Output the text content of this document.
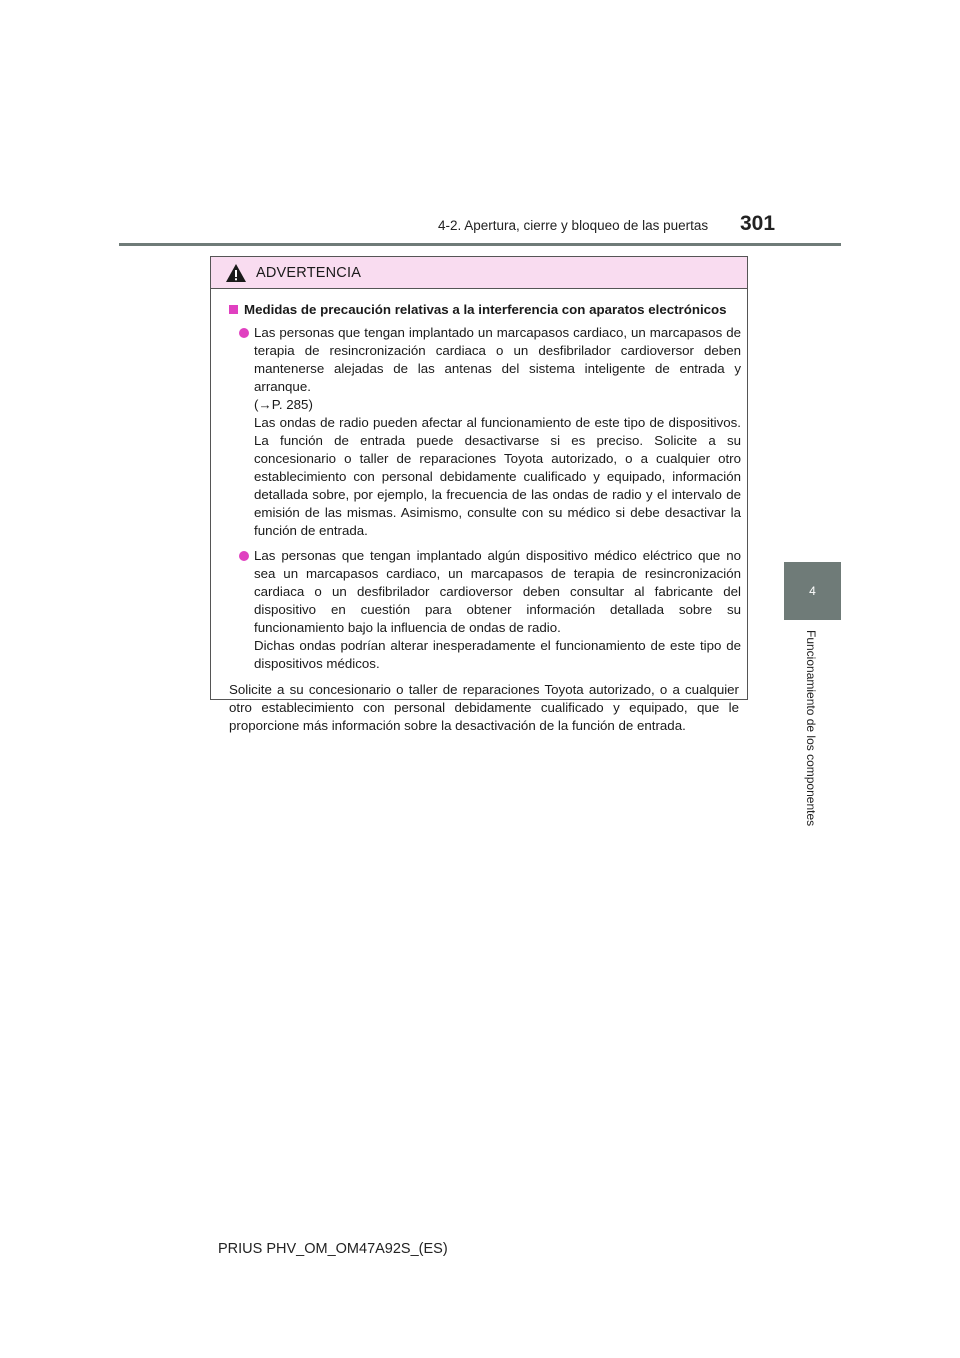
4-2. Apertura, cierre y bloqueo de las puertas 301
4
Funcionamiento de los componentes
ADVERTENCIA
Medidas de precaución relativas a la interferencia con aparatos electrónicos

Las personas que tengan implantado un marcapasos cardiaco, un marcapasos de terapia de resincronización cardiaca o un desfibrilador cardioversor deben mantenerse alejadas de las antenas del sistema inteligente de entrada y arranque.

(→P. 285)

Las ondas de radio pueden afectar al funcionamiento de este tipo de dispositivos. La función de entrada puede desactivarse si es preciso. Solicite a su concesionario o taller de reparaciones Toyota autorizado, o a cualquier otro establecimiento con personal debidamente cualificado y equipado, información detallada sobre, por ejemplo, la frecuencia de las ondas de radio y el intervalo de emisión de las mismas. Asimismo, consulte con su médico si debe desactivar la función de entrada.

Las personas que tengan implantado algún dispositivo médico eléctrico que no sea un marcapasos cardiaco, un marcapasos de terapia de resincronización cardiaca o un desfibrilador cardioversor deben consultar al fabricante del dispositivo en cuestión para obtener información detallada sobre su funcionamiento bajo la influencia de ondas de radio.

Dichas ondas podrían alterar inesperadamente el funcionamiento de este tipo de dispositivos médicos.

Solicite a su concesionario o taller de reparaciones Toyota autorizado, o a cualquier otro establecimiento con personal debidamente cualificado y equipado, que le proporcione más información sobre la desactivación de la función de entrada.

PRIUS PHV_OM_OM47A92S_(ES)
